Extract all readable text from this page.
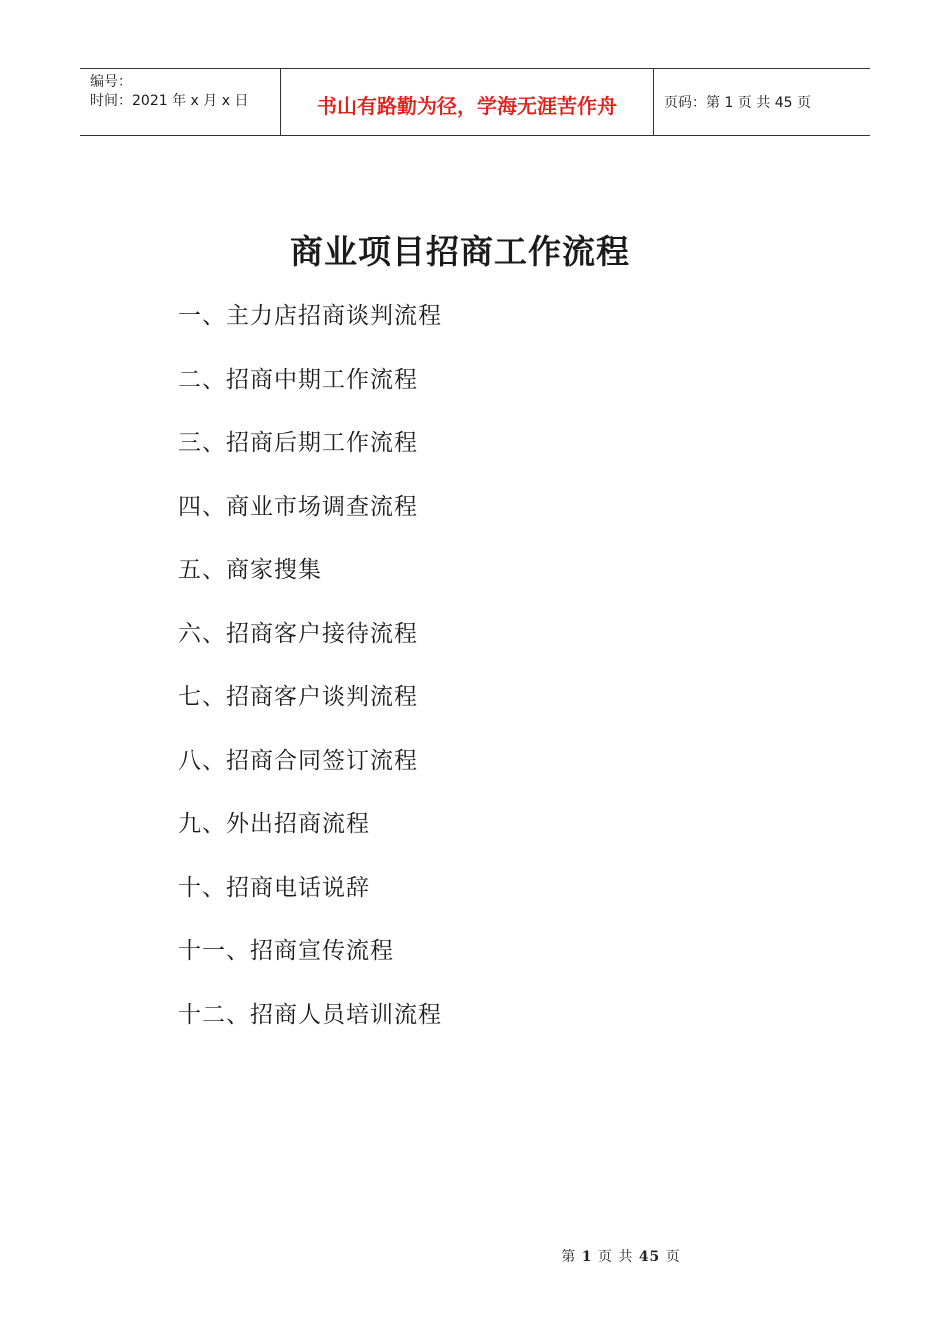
编号：
时间：2021 年 x 月 x 日	书山有路勤为径，学海无涯苦作舟	页码：第 1 页 共 45 页
商业项目招商工作流程
一、主力店招商谈判流程
二、招商中期工作流程
三、招商后期工作流程
四、商业市场调查流程
五、商家搜集
六、招商客户接待流程
七、招商客户谈判流程
八、招商合同签订流程
九、外出招商流程
十、招商电话说辞
十一、招商宣传流程
十二、招商人员培训流程
第 1 页 共 45 页
